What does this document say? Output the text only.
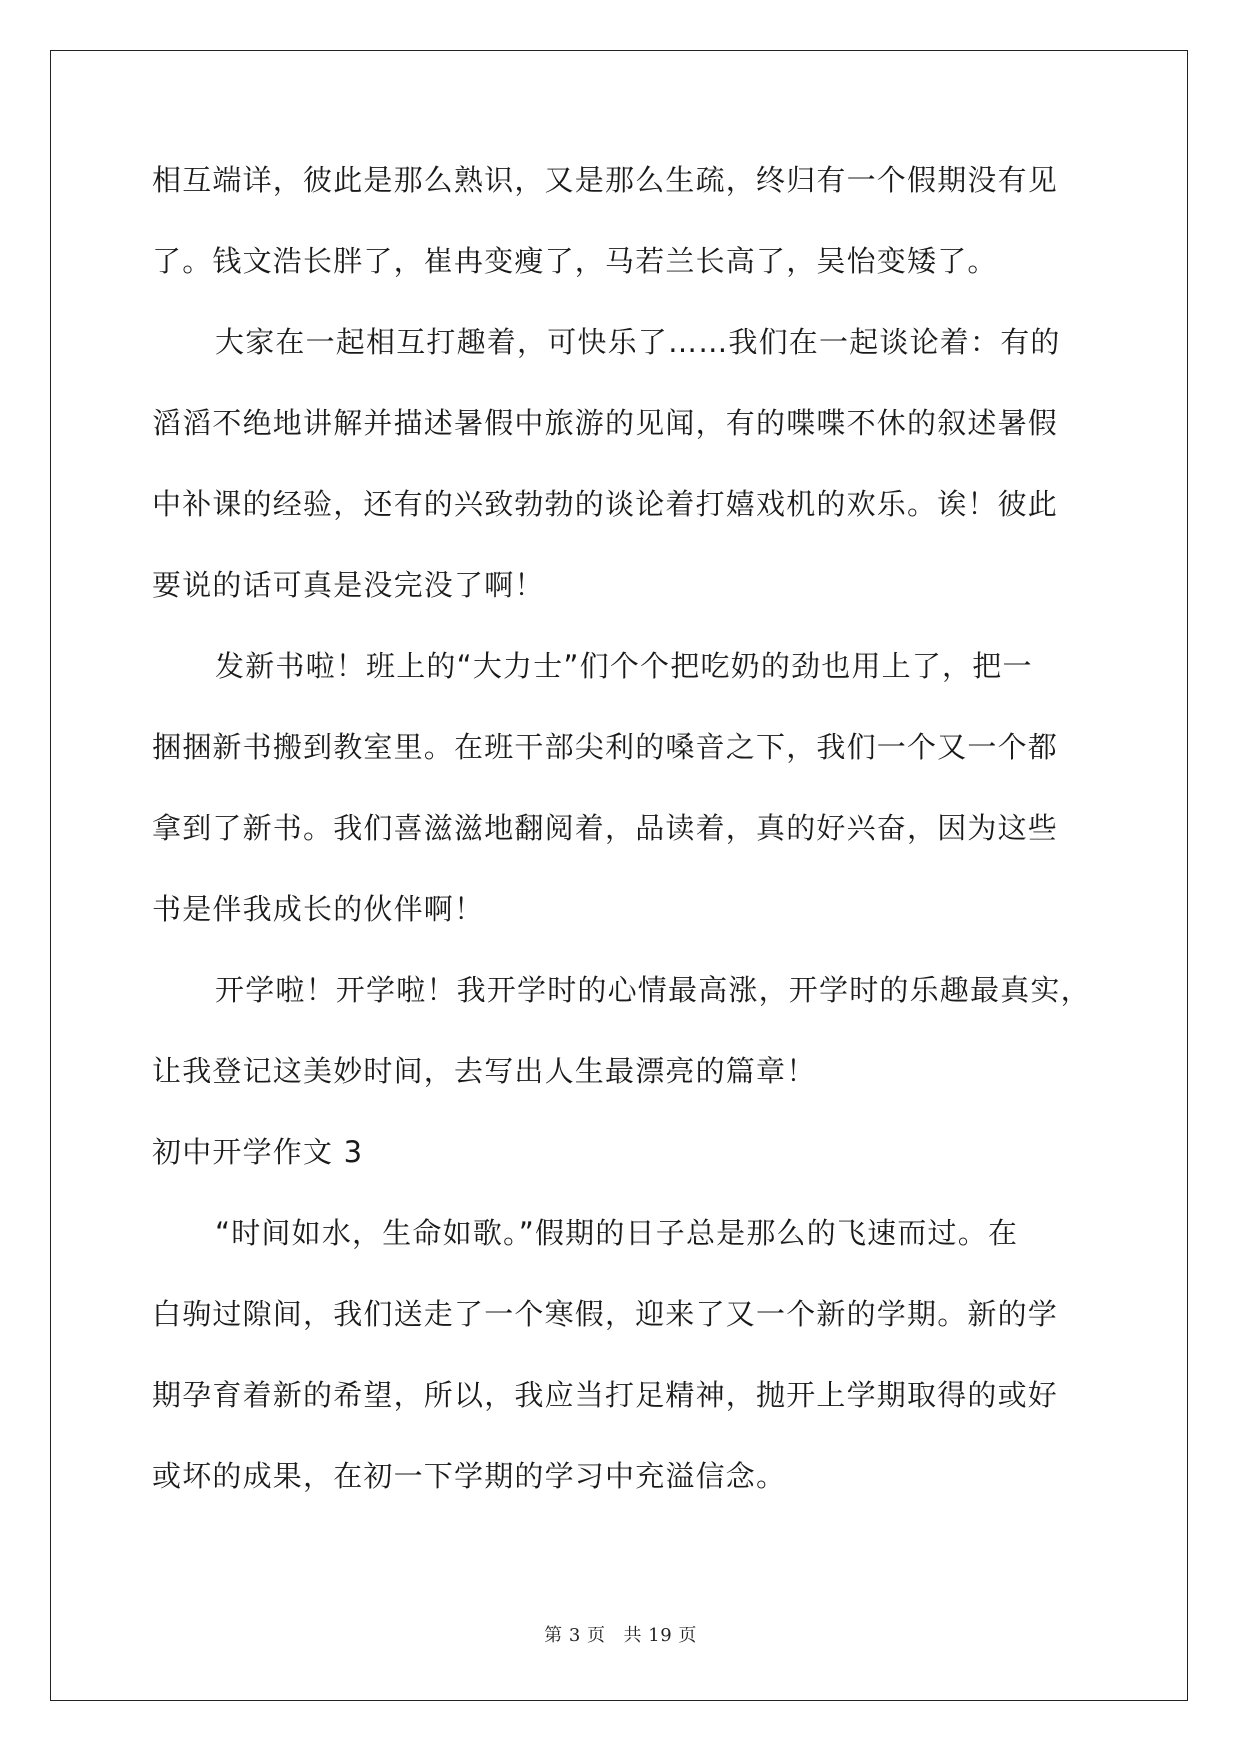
相互端详，彼此是那么熟识，又是那么生疏，终归有一个假期没有见
了。钱文浩长胖了，崔冉变瘦了，马若兰长高了，吴怡变矮了。
大家在一起相互打趣着，可快乐了……我们在一起谈论着：有的
滔滔不绝地讲解并描述暑假中旅游的见闻，有的喋喋不休的叙述暑假
中补课的经验，还有的兴致勃勃的谈论着打嬉戏机的欢乐。诶！彼此
要说的话可真是没完没了啊！
发新书啦！班上的“大力士”们个个把吃奶的劲也用上了，把一
捆捆新书搬到教室里。在班干部尖利的嗓音之下，我们一个又一个都
拿到了新书。我们喜滋滋地翻阅着，品读着，真的好兴奋，因为这些
书是伴我成长的伙伴啊！
开学啦！开学啦！我开学时的心情最高涨，开学时的乐趣最真实，
让我登记这美妙时间，去写出人生最漂亮的篇章！
初中开学作文 3
“时间如水，生命如歌。”假期的日子总是那么的飞速而过。在
白驹过隙间，我们送走了一个寒假，迎来了又一个新的学期。新的学
期孕育着新的希望，所以，我应当打足精神，抛开上学期取得的或好
或坏的成果，在初一下学期的学习中充溢信念。
第 3 页 共 19 页
